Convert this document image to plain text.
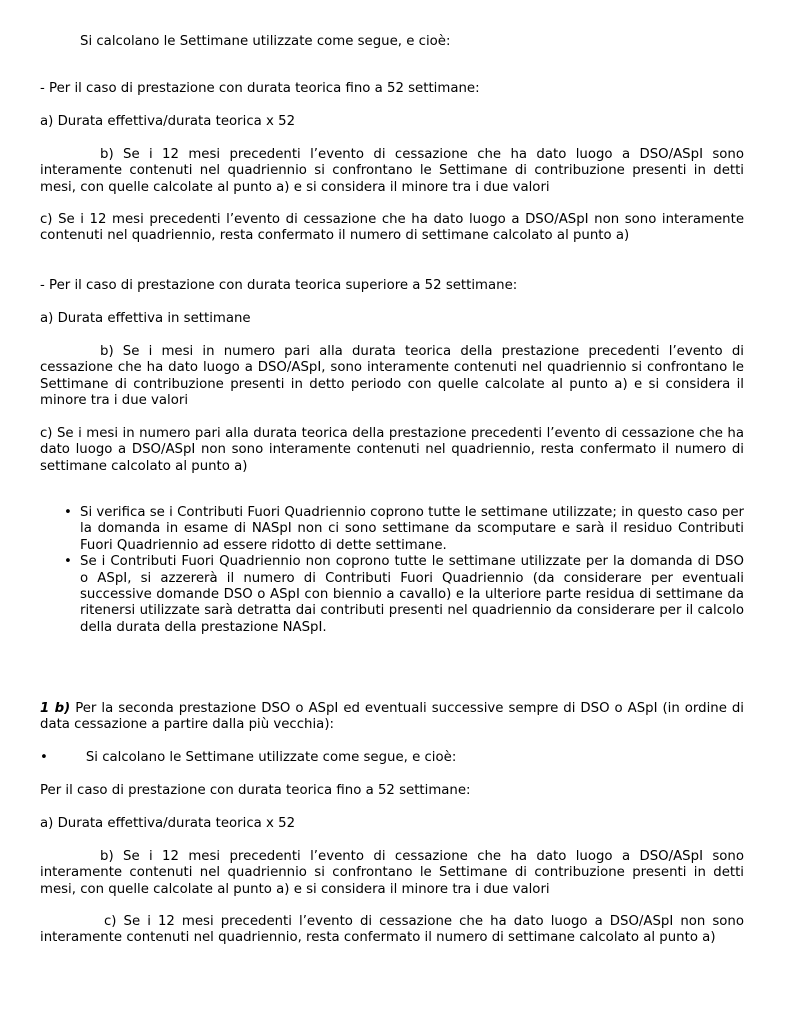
Si calcolano le Settimane utilizzate come segue, e cioè:

- Per il caso di prestazione con durata teorica fino a 52 settimane:

a) Durata effettiva/durata teorica x 52

b) Se i 12 mesi precedenti l’evento di cessazione che ha dato luogo a DSO/ASpI sono interamente contenuti nel quadriennio si confrontano le Settimane di contribuzione presenti in detti mesi, con quelle calcolate al punto a) e si considera il minore tra i due valori

c) Se i 12 mesi precedenti l’evento di cessazione che ha dato luogo a DSO/ASpI non sono interamente contenuti nel quadriennio, resta confermato il numero di settimane calcolato al punto a)

- Per il caso di prestazione con durata teorica superiore a 52 settimane:

a) Durata effettiva in settimane

b) Se i mesi in numero pari alla durata teorica della prestazione precedenti l’evento di cessazione che ha dato luogo a DSO/ASpI, sono interamente contenuti nel quadriennio si confrontano le Settimane di contribuzione presenti in detto periodo con quelle calcolate al punto a) e si considera il minore tra i due valori

c) Se i mesi in numero pari alla durata teorica della prestazione precedenti l’evento di cessazione che ha dato luogo a DSO/ASpI non sono interamente contenuti nel quadriennio, resta confermato il numero di settimane calcolato al punto a)

• Si verifica se i Contributi Fuori Quadriennio coprono tutte le settimane utilizzate; in questo caso per la domanda in esame di NASpI non ci sono settimane da scomputare e sarà il residuo Contributi Fuori Quadriennio ad essere ridotto di dette settimane.
• Se i Contributi Fuori Quadriennio non coprono tutte le settimane utilizzate per la domanda di DSO o ASpI, si azzererà il numero di Contributi Fuori Quadriennio (da considerare per eventuali successive domande DSO o ASpI con biennio a cavallo) e la ulteriore parte residua di settimane da ritenersi utilizzate sarà detratta dai contributi presenti nel quadriennio da considerare per il calcolo della durata della prestazione NASpI.

1 b) Per la seconda prestazione DSO o ASpI ed eventuali successive sempre di DSO o ASpI (in ordine di data cessazione a partire dalla più vecchia):

•	Si calcolano le Settimane utilizzate come segue, e cioè:

Per il caso di prestazione con durata teorica fino a 52 settimane:

a) Durata effettiva/durata teorica x 52

b) Se i 12 mesi precedenti l’evento di cessazione che ha dato luogo a DSO/ASpI sono interamente contenuti nel quadriennio si confrontano le Settimane di contribuzione presenti in detti mesi, con quelle calcolate al punto a) e si considera il minore tra i due valori

c) Se i 12 mesi precedenti l’evento di cessazione che ha dato luogo a DSO/ASpI non sono interamente contenuti nel quadriennio, resta confermato il numero di settimane calcolato al punto a)
